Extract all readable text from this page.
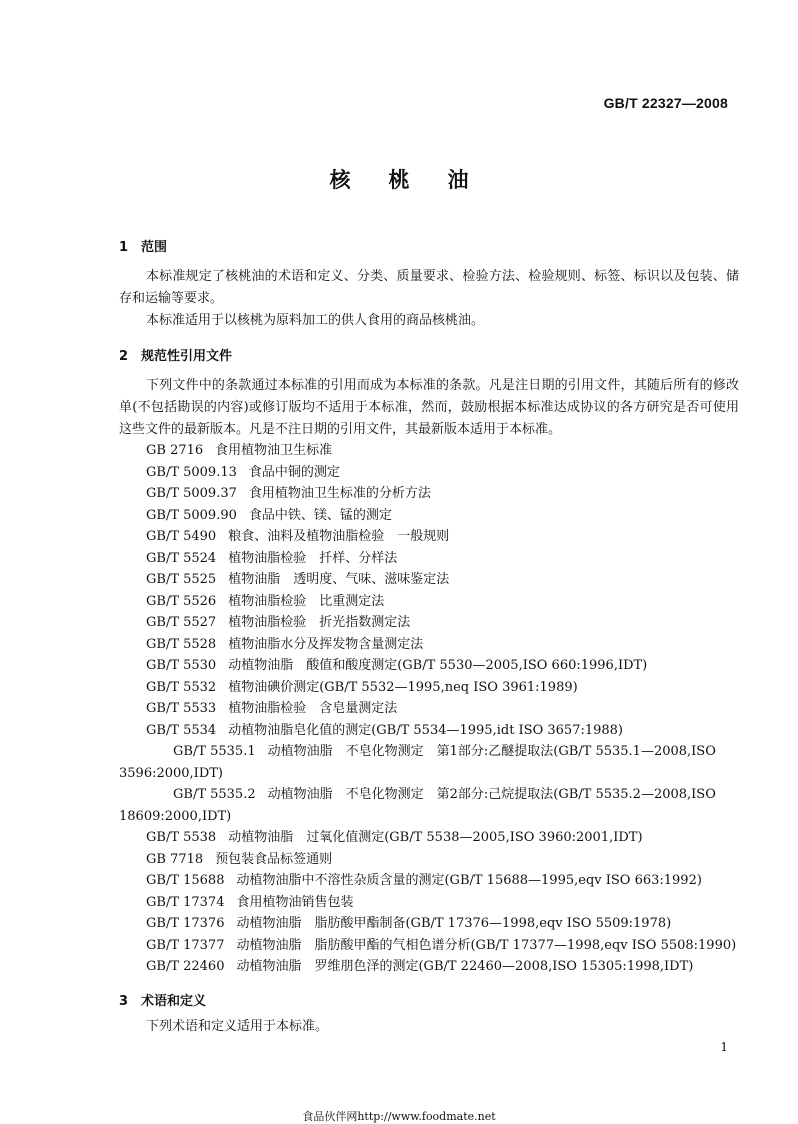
GB/T 22327—2008
核桃油
1 范围
本标准规定了核桃油的术语和定义、分类、质量要求、检验方法、检验规则、标签、标识以及包装、储存和运输等要求。
本标准适用于以核桃为原料加工的供人食用的商品核桃油。
2 规范性引用文件
下列文件中的条款通过本标准的引用而成为本标准的条款。凡是注日期的引用文件，其随后所有的修改单(不包括勘误的内容)或修订版均不适用于本标准，然而，鼓励根据本标准达成协议的各方研究是否可使用这些文件的最新版本。凡是不注日期的引用文件，其最新版本适用于本标准。
GB 2716 食用植物油卫生标准
GB/T 5009.13 食品中铜的测定
GB/T 5009.37 食用植物油卫生标准的分析方法
GB/T 5009.90 食品中铁、镁、锰的测定
GB/T 5490 粮食、油料及植物油脂检验　一般规则
GB/T 5524 植物油脂检验　扦样、分样法
GB/T 5525 植物油脂　透明度、气味、滋味鉴定法
GB/T 5526 植物油脂检验　比重测定法
GB/T 5527 植物油脂检验　折光指数测定法
GB/T 5528 植物油脂水分及挥发物含量测定法
GB/T 5530 动植物油脂　酸值和酸度测定(GB/T 5530—2005,ISO 660:1996,IDT)
GB/T 5532 植物油碘价测定(GB/T 5532—1995,neq ISO 3961:1989)
GB/T 5533 植物油脂检验　含皂量测定法
GB/T 5534 动植物油脂皂化值的测定(GB/T 5534—1995,idt ISO 3657:1988)
GB/T 5535.1 动植物油脂　不皂化物测定　第1部分:乙醚提取法(GB/T 5535.1—2008,ISO 3596:2000,IDT)
GB/T 5535.2 动植物油脂　不皂化物测定　第2部分:己烷提取法(GB/T 5535.2—2008,ISO 18609:2000,IDT)
GB/T 5538 动植物油脂　过氧化值测定(GB/T 5538—2005,ISO 3960:2001,IDT)
GB 7718 预包装食品标签通则
GB/T 15688 动植物油脂中不溶性杂质含量的测定(GB/T 15688—1995,eqv ISO 663:1992)
GB/T 17374 食用植物油销售包装
GB/T 17376 动植物油脂　脂肪酸甲酯制备(GB/T 17376—1998,eqv ISO 5509:1978)
GB/T 17377 动植物油脂　脂肪酸甲酯的气相色谱分析(GB/T 17377—1998,eqv ISO 5508:1990)
GB/T 22460 动植物油脂　罗维朋色泽的测定(GB/T 22460—2008,ISO 15305:1998,IDT)
3 术语和定义
下列术语和定义适用于本标准。
1
食品伙伴网http://www.foodmate.net
